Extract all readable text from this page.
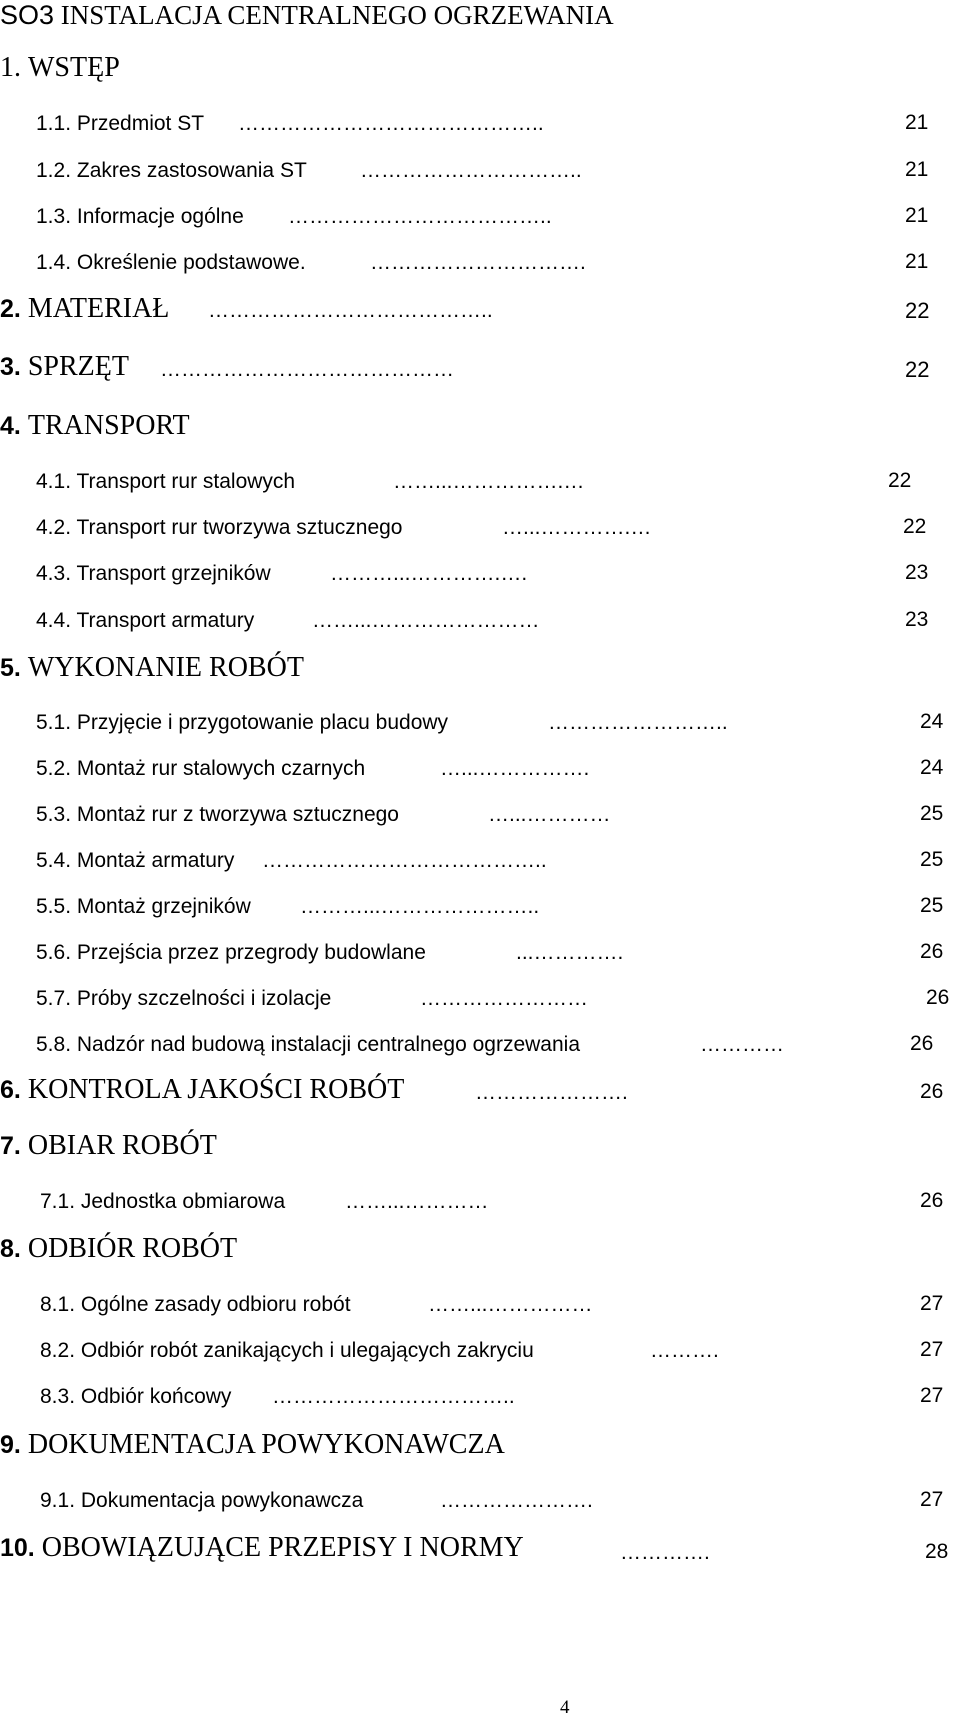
SO3 INSTALACJA CENTRALNEGO OGRZEWANIA
1. WSTĘP
1.1. Przedmiot ST ……………………………………..	21
1.2. Zakres zastosowania ST	…………………………..	21
1.3. Informacje ogólne ………………………………..	21
1.4. Określenie podstawowe.	………………………….	21
2. MATERIAŁ …………………………………..	22
3. SPRZĘT ……………………………………	22
4. TRANSPORT
4.1. Transport rur stalowych	……...…………….…	22
4.2. Transport rur tworzywa sztucznego	…...………….…	22
4.3. Transport grzejników	………...………….….	23
4.4. Transport armatury	……...……………………	23
5. WYKONANIE ROBÓT
5.1. Przyjęcie i przygotowanie placu budowy	……………………..	24
5.2. Montaż rur stalowych czarnych	…...…………….	24
5.3. Montaż rur z tworzywa sztucznego	…...…………	25
5.4. Montaż armatury …………………………………..	25
5.5. Montaż grzejników ………...…………………..	25
5.6. Przejścia przez przegrody budowlane	...………….	26
5.7. Próby szczelności i izolacje	……………………	26
5.8. Nadzór nad budową instalacji centralnego ogrzewania	…………	26
6. KONTROLA JAKOŚCI ROBÓT	………………….	26
7. OBIAR ROBÓT
7.1. Jednostka obmiarowa	……...…………	26
8. ODBIÓR ROBÓT
8.1. Ogólne zasady odbioru robót	……...……………	27
8.2. Odbiór robót zanikających i ulegających zakryciu	……….	27
8.3. Odbiór końcowy ……………………………..	27
9. DOKUMENTACJA POWYKONAWCZA
9.1. Dokumentacja powykonawcza	………………….	27
10. OBOWIĄZUJĄCE PRZEPISY I NORMY	………….	28
4
